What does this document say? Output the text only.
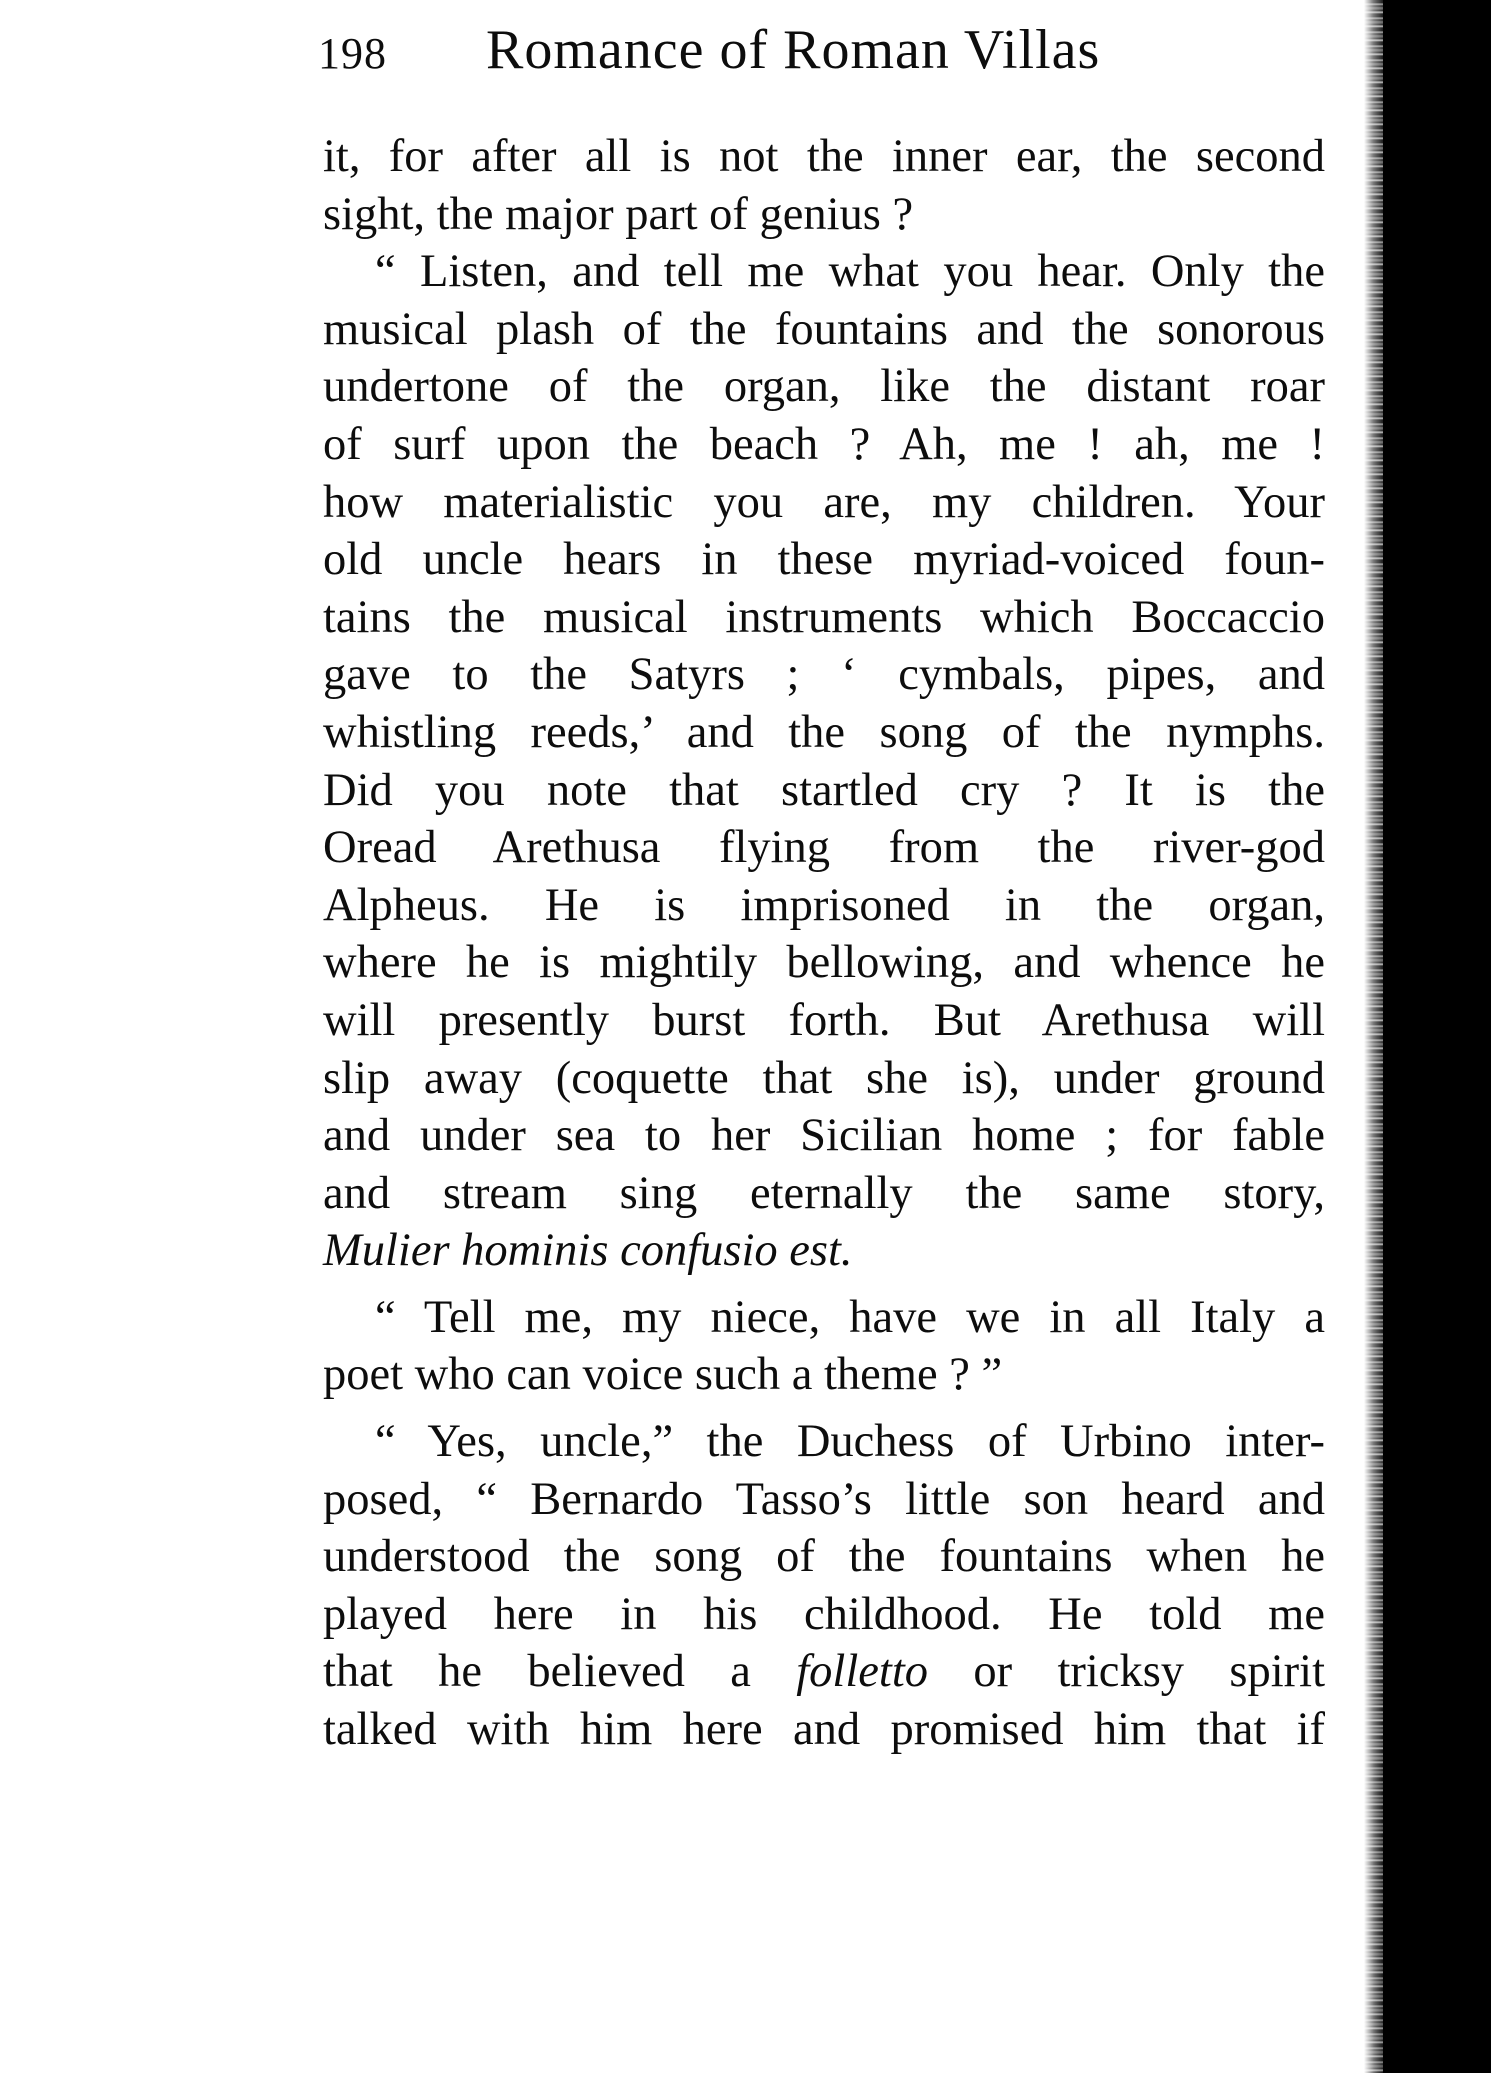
198 Romance of Roman Villas
it, for after all is not the inner ear, the second
sight, the major part of genius ?
“ Listen, and tell me what you hear. Only the
musical plash of the fountains and the sonorous
undertone of the organ, like the distant roar
of surf upon the beach ? Ah, me ! ah, me !
how materialistic you are, my children. Your
old uncle hears in these myriad-voiced foun-
tains the musical instruments which Boccaccio
gave to the Satyrs ; ‘ cymbals, pipes, and
whistling reeds,’ and the song of the nymphs.
Did you note that startled cry ? It is the
Oread Arethusa flying from the river-god
Alpheus. He is imprisoned in the organ,
where he is mightily bellowing, and whence he
will presently burst forth. But Arethusa will
slip away (coquette that she is), under ground
and under sea to her Sicilian home ; for fable
and stream sing eternally the same story,
Mulier hominis confusio est.
“ Tell me, my niece, have we in all Italy a
poet who can voice such a theme ? ”
“ Yes, uncle,” the Duchess of Urbino inter-
posed, “ Bernardo Tasso’s little son heard and
understood the song of the fountains when he
played here in his childhood. He told me
that he believed a folletto or tricksy spirit
talked with him here and promised him that if
